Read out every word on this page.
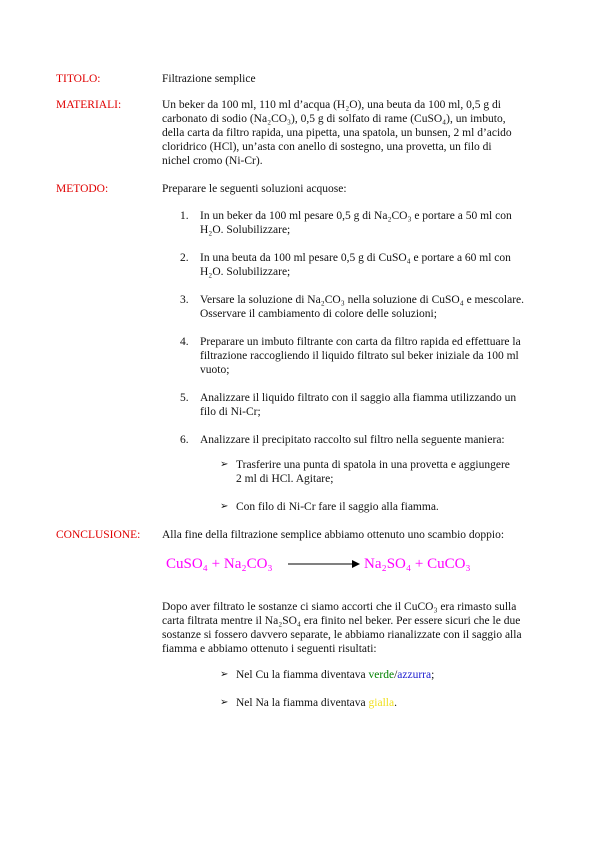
TITOLO:	Filtrazione semplice
MATERIALI:	Un beker da 100 ml, 110 ml d’acqua (H₂O), una beuta da 100 ml, 0,5 g di
carbonato di sodio (Na₂CO₃), 0,5 g di solfato di rame (CuSO₄), un imbuto,
della carta da filtro rapida, una pipetta, una spatola, un bunsen, 2 ml d’acido
cloridrico (HCl), un’asta con anello di sostegno, una provetta, un filo di
nichel cromo (Ni-Cr).
METODO:	Preparare le seguenti soluzioni acquose:
1. In un beker da 100 ml pesare 0,5 g di Na₂CO₃ e portare a 50 ml con
H₂O. Solubilizzare;
2. In una beuta da 100 ml pesare 0,5 g di CuSO₄ e portare a 60 ml con
H₂O. Solubilizzare;
3. Versare la soluzione di Na₂CO₃ nella soluzione di CuSO₄ e mescolare.
Osservare il cambiamento di colore delle soluzioni;
4. Preparare un imbuto filtrante con carta da filtro rapida ed effettuare la
filtrazione raccogliendo il liquido filtrato sul beker iniziale da 100 ml
vuoto;
5. Analizzare il liquido filtrato con il saggio alla fiamma utilizzando un
filo di Ni-Cr;
6. Analizzare il precipitato raccolto sul filtro nella seguente maniera:
➢ Trasferire una punta di spatola in una provetta e aggiungere
2 ml di HCl. Agitare;
➢ Con filo di Ni-Cr fare il saggio alla fiamma.
CONCLUSIONE: Alla fine della filtrazione semplice abbiamo ottenuto uno scambio doppio:
CuSO₄ + Na₂CO₃	Na₂SO₄ + CuCO₃
Dopo aver filtrato le sostanze ci siamo accorti che il CuCO₃ era rimasto sulla
carta filtrata mentre il Na₂SO₄ era finito nel beker. Per essere sicuri che le due
sostanze si fossero davvero separate, le abbiamo rianalizzate con il saggio alla
fiamma e abbiamo ottenuto i seguenti risultati:
➢ Nel Cu la fiamma diventava verde/azzurra;
➢ Nel Na la fiamma diventava gialla.
